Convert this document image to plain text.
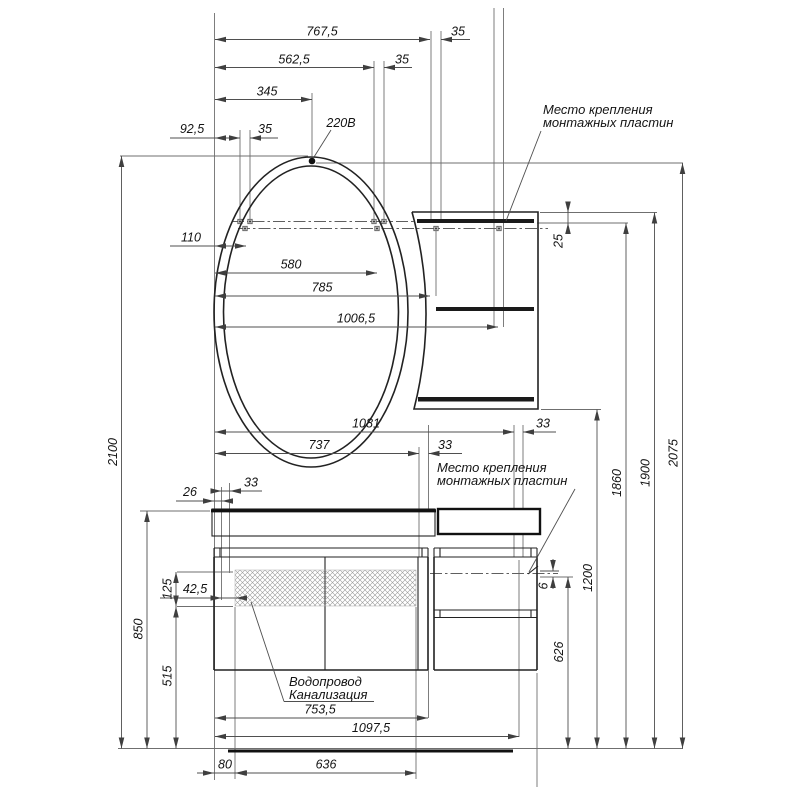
767,5	35
562,5	35
345
92,5	35
110
580
785
1006,5
1081	33
737	33
26
33
42,5
753,5
1097,5
80	636
2100
850
515
125
25
6
626
1200
1860 1900
2075
220В
Место крепления
монтажных пластин
Место крепления
монтажных пластин
Водопровод
Канализация
